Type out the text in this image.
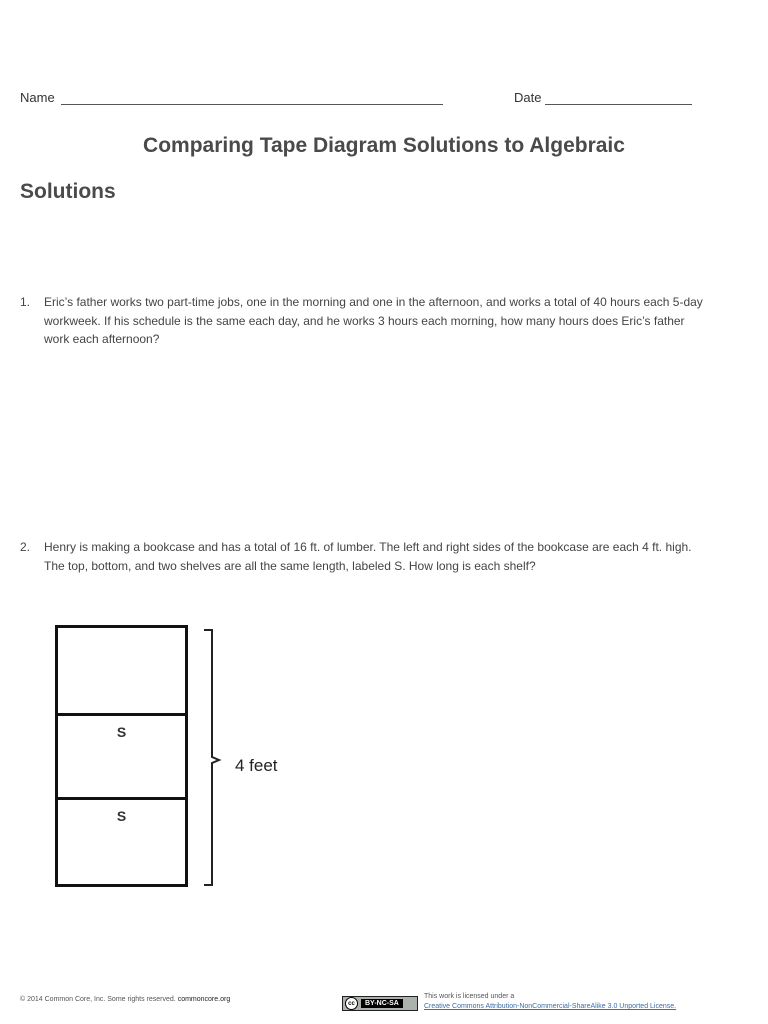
Name	Date
Comparing Tape Diagram Solutions to Algebraic
Solutions
1. Eric’s father works two part-time jobs, one in the morning and one in the afternoon, and works a total of 40 hours each 5-day workweek. If his schedule is the same each day, and he works 3 hours each morning, how many hours does Eric’s father work each afternoon?
2. Henry is making a bookcase and has a total of 16 ft. of lumber. The left and right sides of the bookcase are each 4 ft. high. The top, bottom, and two shelves are all the same length, labeled S. How long is each shelf?
S
S
4 feet
© 2014 Common Core, Inc. Some rights reserved. commoncore.org
cc	BY-NC-SA
This work is licensed under a
Creative Commons Attribution-NonCommercial-ShareAlike 3.0 Unported License.
